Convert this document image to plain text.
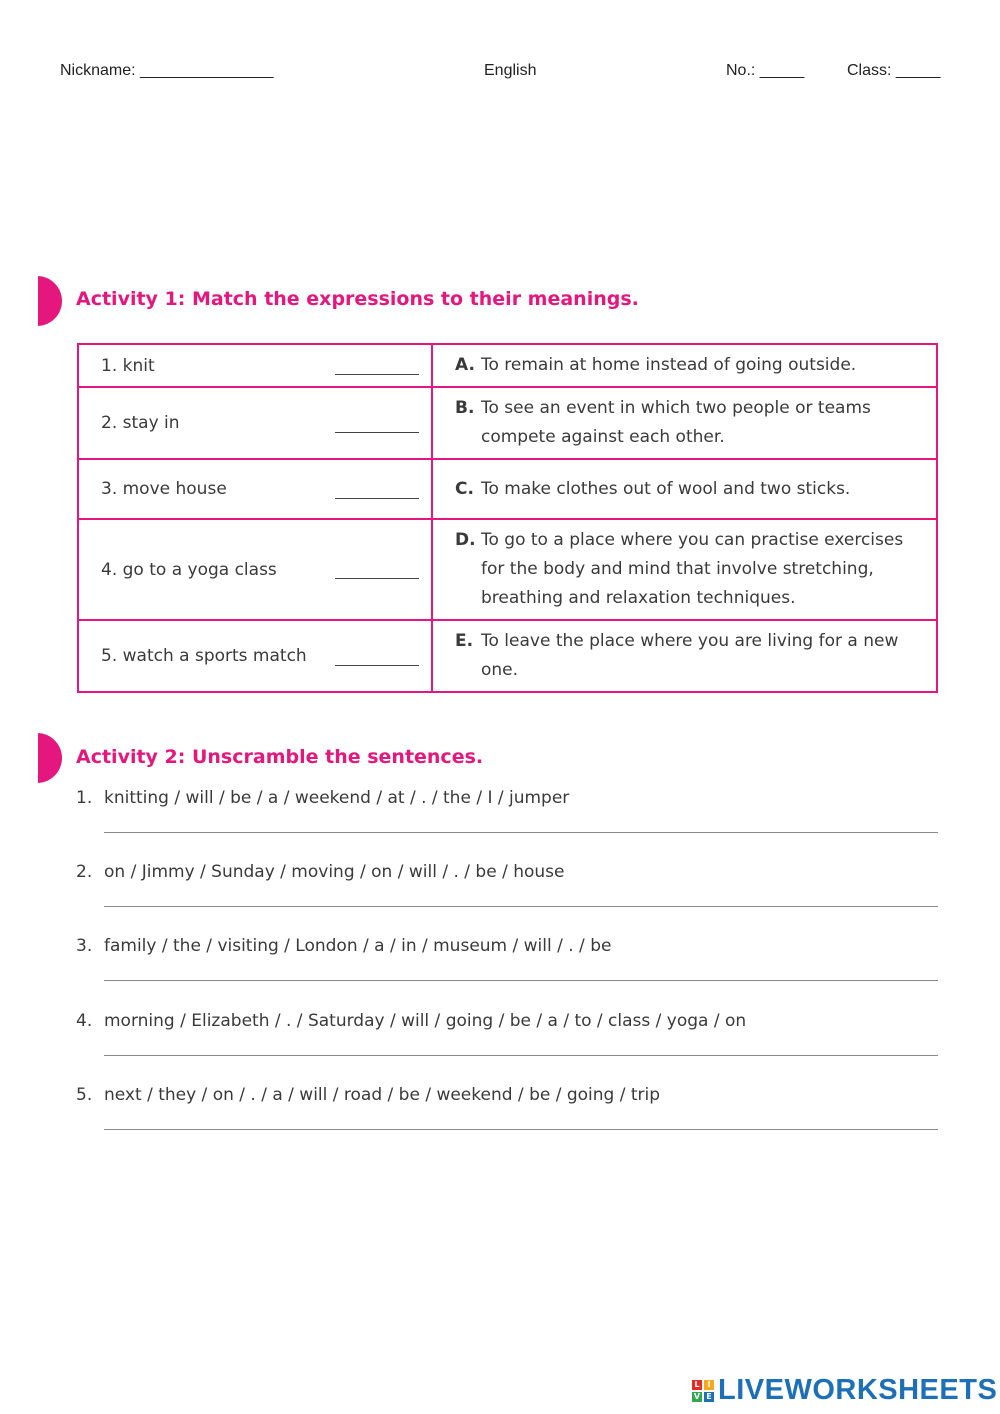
Nickname: _______________	English	No.: _____	Class: _____
Activity 1: Match the expressions to their meanings.
1. knit	A. To remain at home instead of going outside.

2. stay in	B. To see an event in which two people or teams compete against each other.

3. move house	C. To make clothes out of wool and two sticks.

4. go to a yoga class	D. To go to a place where you can practise exercises for the body and mind that involve stretching, breathing and relaxation techniques.

5. watch a sports match	E. To leave the place where you are living for a new one.
Activity 2: Unscramble the sentences.
1. knitting / will / be / a / weekend / at / . / the / I / jumper
2. on / Jimmy / Sunday / moving / on / will / . / be / house
3. family / the / visiting / London / a / in / museum / will / . / be
4. morning / Elizabeth / . / Saturday / will / going / be / a / to / class / yoga / on
5. next / they / on / . / a / will / road / be / weekend / be / going / trip
L I
V E LIVEWORKSHEETS
